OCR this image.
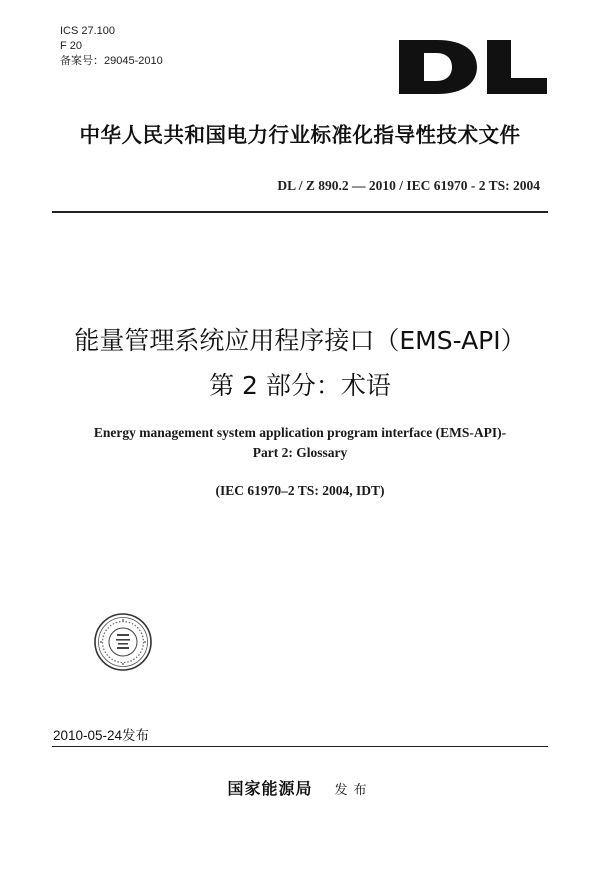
ICS 27.100
F 20
备案号：29045-2010
中华人民共和国电力行业标准化指导性技术文件
DL / Z 890.2 — 2010 / IEC 61970 - 2 TS: 2004
能量管理系统应用程序接口（EMS-API）
第 2 部分：术语
Energy management system application program interface (EMS-API)-
Part 2: Glossary
(IEC 61970–2 TS: 2004, IDT)
2010-05-24发布
国家能源局 发布
